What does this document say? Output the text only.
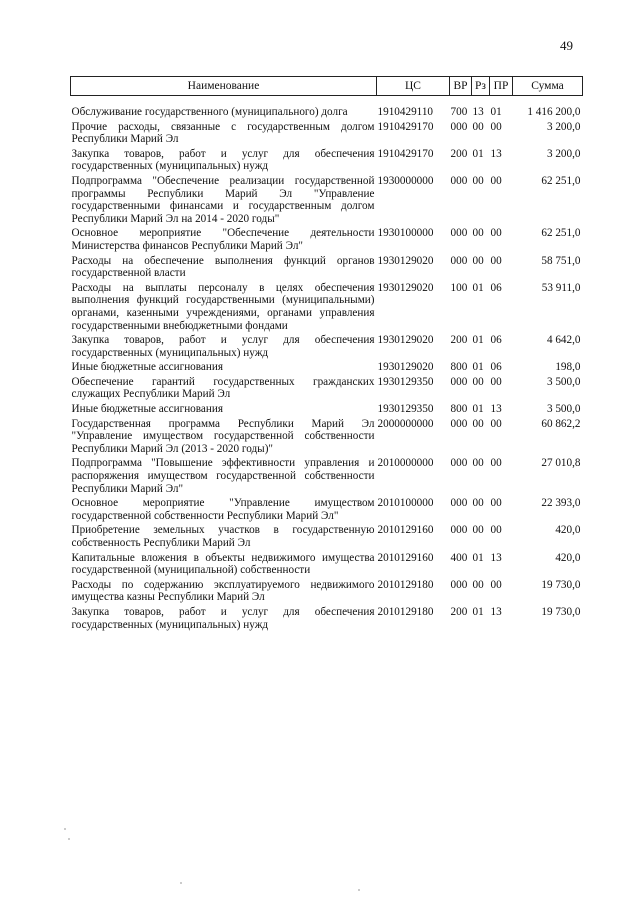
49
Наименование	ЦС	ВР	Рз	ПР	Сумма
Обслуживание государственного (муниципального) долга	1910429110	700	13	01	1 416 200,0
Прочие расходы, связанные с государственным долгом Республики Марий Эл	1910429170	000	00	00	3 200,0
Закупка товаров, работ и услуг для обеспечения государственных (муниципальных) нужд	1910429170	200	01	13	3 200,0
Подпрограмма "Обеспечение реализации государственной программы Республики Марий Эл "Управление государственными финансами и государственным долгом Республики Марий Эл на 2014 - 2020 годы"	1930000000	000	00	00	62 251,0
Основное мероприятие "Обеспечение деятельности Министерства финансов Республики Марий Эл"	1930100000	000	00	00	62 251,0
Расходы на обеспечение выполнения функций органов государственной власти	1930129020	000	00	00	58 751,0
Расходы на выплаты персоналу в целях обеспечения выполнения функций государственными (муниципальными) органами, казенными учреждениями, органами управления государственными внебюджетными фондами	1930129020	100	01	06	53 911,0
Закупка товаров, работ и услуг для обеспечения государственных (муниципальных) нужд	1930129020	200	01	06	4 642,0
Иные бюджетные ассигнования	1930129020	800	01	06	198,0
Обеспечение гарантий государственных гражданских служащих Республики Марий Эл	1930129350	000	00	00	3 500,0
Иные бюджетные ассигнования	1930129350	800	01	13	3 500,0
Государственная программа Республики Марий Эл "Управление имуществом государственной собственности Республики Марий Эл (2013 - 2020 годы)"	2000000000	000	00	00	60 862,2
Подпрограмма "Повышение эффективности управления и распоряжения имуществом государственной собственности Республики Марий Эл"	2010000000	000	00	00	27 010,8
Основное мероприятие "Управление имуществом государственной собственности Республики Марий Эл"	2010100000	000	00	00	22 393,0
Приобретение земельных участков в государственную собственность Республики Марий Эл	2010129160	000	00	00	420,0
Капитальные вложения в объекты недвижимого имущества государственной (муниципальной) собственности	2010129160	400	01	13	420,0
Расходы по содержанию эксплуатируемого недвижимого имущества казны Республики Марий Эл	2010129180	000	00	00	19 730,0
Закупка товаров, работ и услуг для обеспечения государственных (муниципальных) нужд	2010129180	200	01	13	19 730,0
